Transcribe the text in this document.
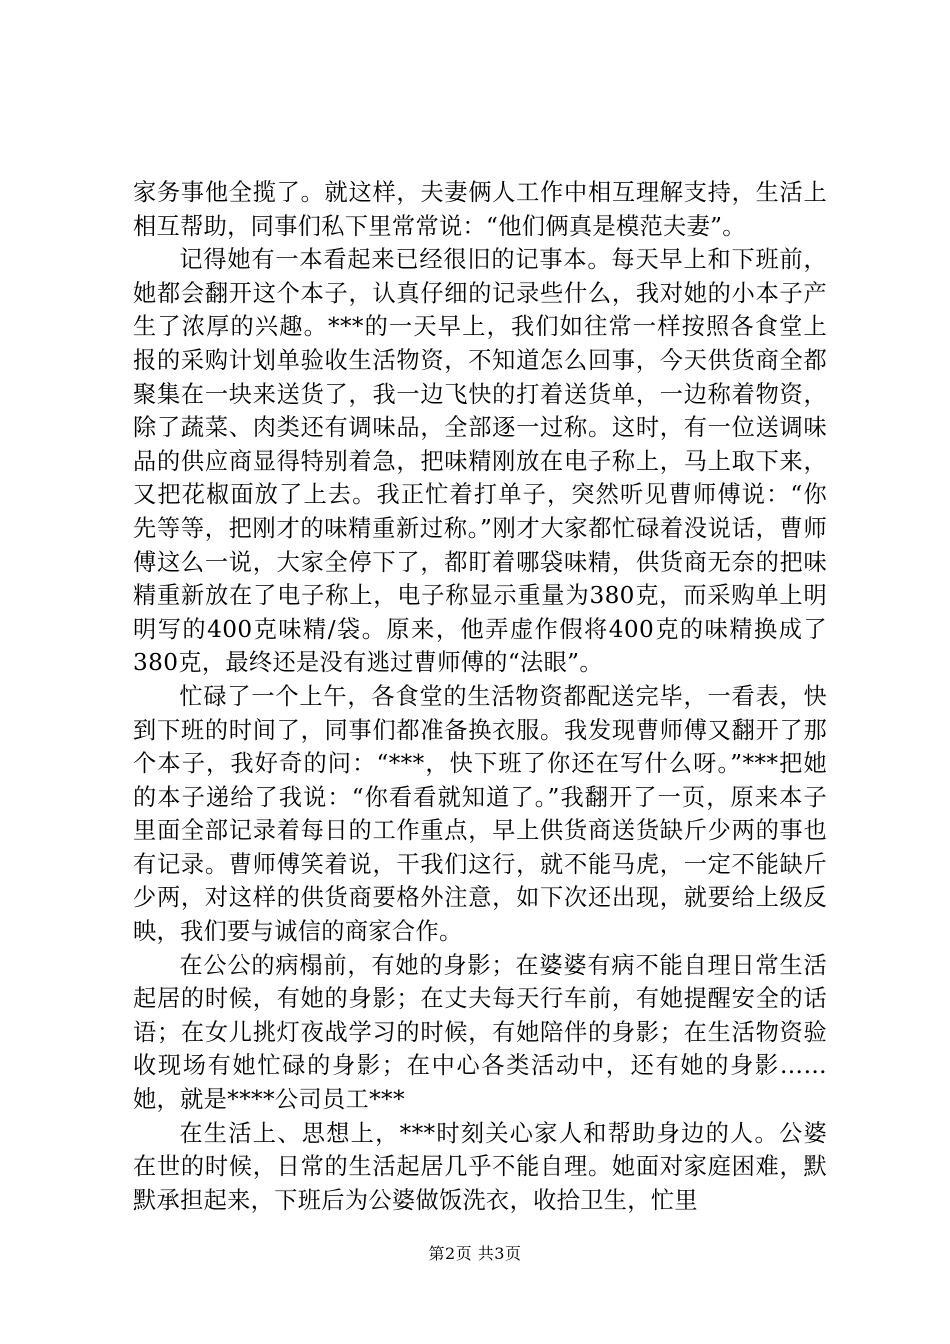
家务事他全揽了。就这样，夫妻俩人工作中相互理解支持，生活上相互帮助，同事们私下里常常说：“他们俩真是模范夫妻”。

记得她有一本看起来已经很旧的记事本。每天早上和下班前，她都会翻开这个本子，认真仔细的记录些什么，我对她的小本子产生了浓厚的兴趣。***的一天早上，我们如往常一样按照各食堂上报的采购计划单验收生活物资，不知道怎么回事，今天供货商全都聚集在一块来送货了，我一边飞快的打着送货单，一边称着物资，除了蔬菜、肉类还有调味品，全部逐一过称。这时，有一位送调味品的供应商显得特别着急，把味精刚放在电子称上，马上取下来，又把花椒面放了上去。我正忙着打单子，突然听见曹师傅说：“你先等等，把刚才的味精重新过称。”刚才大家都忙碌着没说话，曹师傅这么一说，大家全停下了，都盯着哪袋味精，供货商无奈的把味精重新放在了电子称上，电子称显示重量为380克，而采购单上明明写的400克味精/袋。原来，他弄虚作假将400克的味精换成了380克，最终还是没有逃过曹师傅的“法眼”。

忙碌了一个上午，各食堂的生活物资都配送完毕，一看表，快到下班的时间了，同事们都准备换衣服。我发现曹师傅又翻开了那个本子，我好奇的问：“***，快下班了你还在写什么呀。”***把她的本子递给了我说：“你看看就知道了。”我翻开了一页，原来本子里面全部记录着每日的工作重点，早上供货商送货缺斤少两的事也有记录。曹师傅笑着说，干我们这行，就不能马虎，一定不能缺斤少两，对这样的供货商要格外注意，如下次还出现，就要给上级反映，我们要与诚信的商家合作。

在公公的病榻前，有她的身影；在婆婆有病不能自理日常生活起居的时候，有她的身影；在丈夫每天行车前，有她提醒安全的话语；在女儿挑灯夜战学习的时候，有她陪伴的身影；在生活物资验收现场有她忙碌的身影；在中心各类活动中，还有她的身影……她，就是****公司员工***

在生活上、思想上，***时刻关心家人和帮助身边的人。公婆在世的时候，日常的生活起居几乎不能自理。她面对家庭困难，默默承担起来，下班后为公婆做饭洗衣，收拾卫生，忙里

第2页 共3页
